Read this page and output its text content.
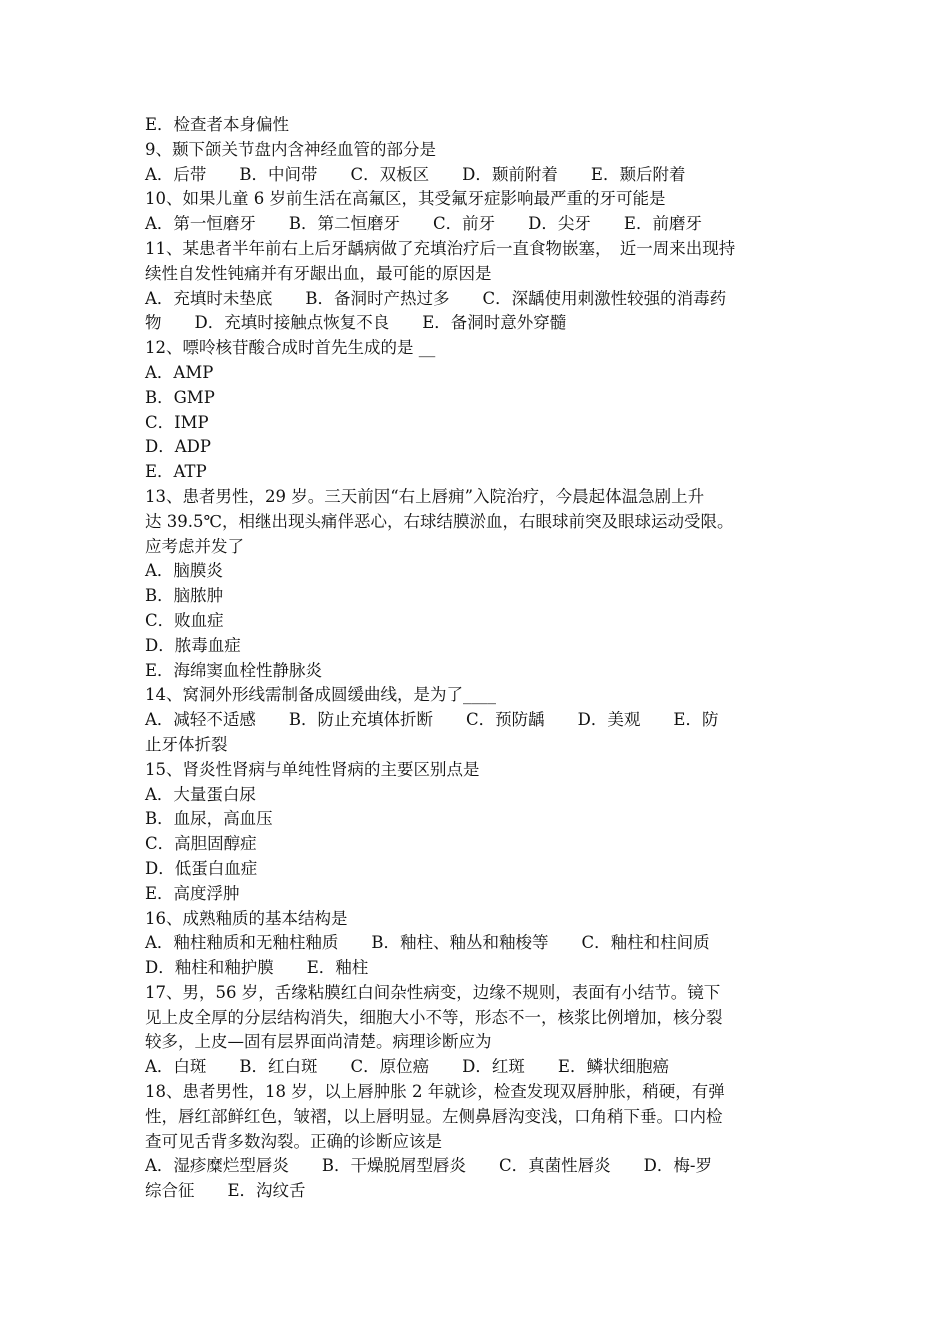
E．检查者本身偏性
9、颞下颌关节盘内含神经血管的部分是
A．后带　　B．中间带　　C．双板区　　D．颞前附着　　E．颞后附着
10、如果儿童 6 岁前生活在高氟区，其受氟牙症影响最严重的牙可能是
A．第一恒磨牙　　B．第二恒磨牙　　C．前牙　　D．尖牙　　E．前磨牙
11、某患者半年前右上后牙龋病做了充填治疗后一直食物嵌塞，　近一周来出现持
续性自发性钝痛并有牙龈出血，最可能的原因是
A．充填时未垫底　　B．备洞时产热过多　　C．深龋使用刺激性较强的消毒药
物　　D．充填时接触点恢复不良　　E．备洞时意外穿髓
12、嘌呤核苷酸合成时首先生成的是 __
A．AMP
B．GMP
C．IMP
D．ADP
E．ATP
13、患者男性，29 岁。三天前因“右上唇痈”入院治疗，今晨起体温急剧上升
达 39.5℃，相继出现头痛伴恶心，右球结膜淤血，右眼球前突及眼球运动受限。
应考虑并发了
A．脑膜炎
B．脑脓肿
C．败血症
D．脓毒血症
E．海绵窦血栓性静脉炎
14、窝洞外形线需制备成圆缓曲线，是为了____
A．减轻不适感　　B．防止充填体折断　　C．预防龋　　D．美观　　E．防
止牙体折裂
15、肾炎性肾病与单纯性肾病的主要区别点是
A．大量蛋白尿
B．血尿，高血压
C．高胆固醇症
D．低蛋白血症
E．高度浮肿
16、成熟釉质的基本结构是
A．釉柱釉质和无釉柱釉质　　B．釉柱、釉丛和釉梭等　　C．釉柱和柱间质
D．釉柱和釉护膜　　E．釉柱
17、男，56 岁，舌缘粘膜红白间杂性病变，边缘不规则，表面有小结节。镜下
见上皮全厚的分层结构消失，细胞大小不等，形态不一，核浆比例增加，核分裂
较多，上皮—固有层界面尚清楚。病理诊断应为
A．白斑　　B．红白斑　　C．原位癌　　D．红斑　　E．鳞状细胞癌
18、患者男性，18 岁，以上唇肿胀 2 年就诊，检查发现双唇肿胀，稍硬，有弹
性，唇红部鲜红色，皱褶，以上唇明显。左侧鼻唇沟变浅，口角稍下垂。口内检
查可见舌背多数沟裂。正确的诊断应该是
A．湿疹糜烂型唇炎　　B．干燥脱屑型唇炎　　C．真菌性唇炎　　D．梅-罗
综合征　　E．沟纹舌
